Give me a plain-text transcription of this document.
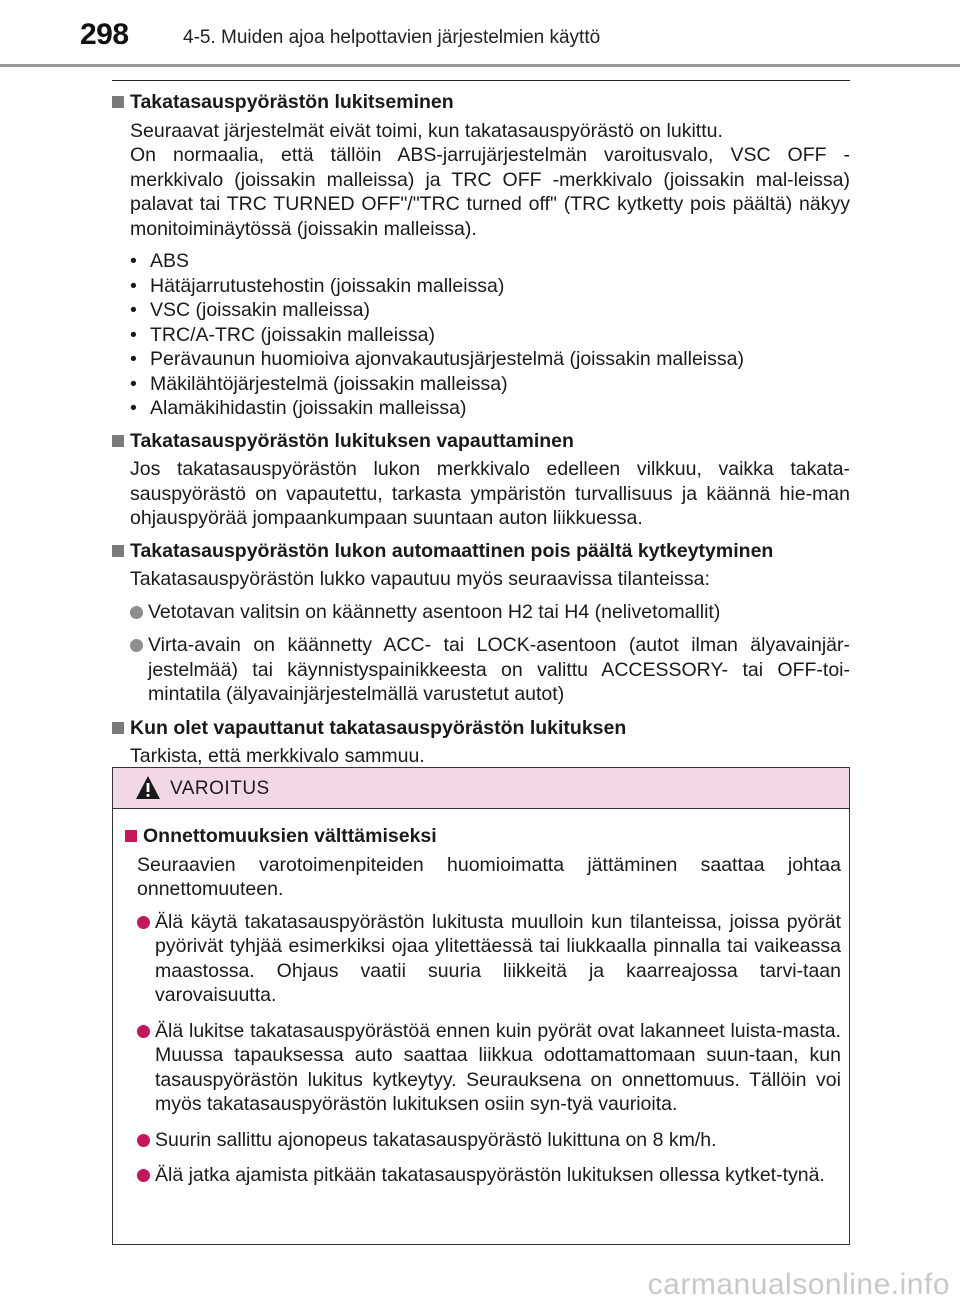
298	4-5. Muiden ajoa helpottavien järjestelmien käyttö
Takatasauspyörästön lukitseminen
Seuraavat järjestelmät eivät toimi, kun takatasauspyörästö on lukittu.
On normaalia, että tällöin ABS-jarrujärjestelmän varoitusvalo, VSC OFF -merkkivalo (joissakin malleissa) ja TRC OFF -merkkivalo (joissakin mal-leissa) palavat tai TRC TURNED OFF"/"TRC turned off" (TRC kytketty pois päältä) näkyy monitoiminäytössä (joissakin malleissa).
• ABS
• Hätäjarrutustehostin (joissakin malleissa)
• VSC (joissakin malleissa)
• TRC/A-TRC (joissakin malleissa)
• Perävaunun huomioiva ajonvakautusjärjestelmä (joissakin malleissa)
• Mäkilähtöjärjestelmä (joissakin malleissa)
• Alamäkihidastin (joissakin malleissa)
Takatasauspyörästön lukituksen vapauttaminen
Jos takatasauspyörästön lukon merkkivalo edelleen vilkkuu, vaikka takata-sauspyörästö on vapautettu, tarkasta ympäristön turvallisuus ja käännä hie-man ohjauspyörää jompaankumpaan suuntaan auton liikkuessa.
Takatasauspyörästön lukon automaattinen pois päältä kytkeytyminen
Takatasauspyörästön lukko vapautuu myös seuraavissa tilanteissa:
Vetotavan valitsin on käännetty asentoon H2 tai H4 (nelivetomallit)
Virta-avain on käännetty ACC- tai LOCK-asentoon (autot ilman älyavainjär-jestelmää) tai käynnistyspainikkeesta on valittu ACCESSORY- tai OFF-toi-mintatila (älyavainjärjestelmällä varustetut autot)
Kun olet vapauttanut takatasauspyörästön lukituksen
Tarkista, että merkkivalo sammuu.
VAROITUS
Onnettomuuksien välttämiseksi
Seuraavien varotoimenpiteiden huomioimatta jättäminen saattaa johtaa onnettomuuteen.
Älä käytä takatasauspyörästön lukitusta muulloin kun tilanteissa, joissa pyörät pyörivät tyhjää esimerkiksi ojaa ylitettäessä tai liukkaalla pinnalla tai vaikeassa maastossa. Ohjaus vaatii suuria liikkeitä ja kaarreajossa tarvi-taan varovaisuutta.
Älä lukitse takatasauspyörästöä ennen kuin pyörät ovat lakanneet luista-masta. Muussa tapauksessa auto saattaa liikkua odottamattomaan suun-taan, kun tasauspyörästön lukitus kytkeytyy. Seurauksena on onnettomuus. Tällöin voi myös takatasauspyörästön lukituksen osiin syn-tyä vaurioita.
Suurin sallittu ajonopeus takatasauspyörästö lukittuna on 8 km/h.
Älä jatka ajamista pitkään takatasauspyörästön lukituksen ollessa kytket-tynä.
carmanualsonline.info
